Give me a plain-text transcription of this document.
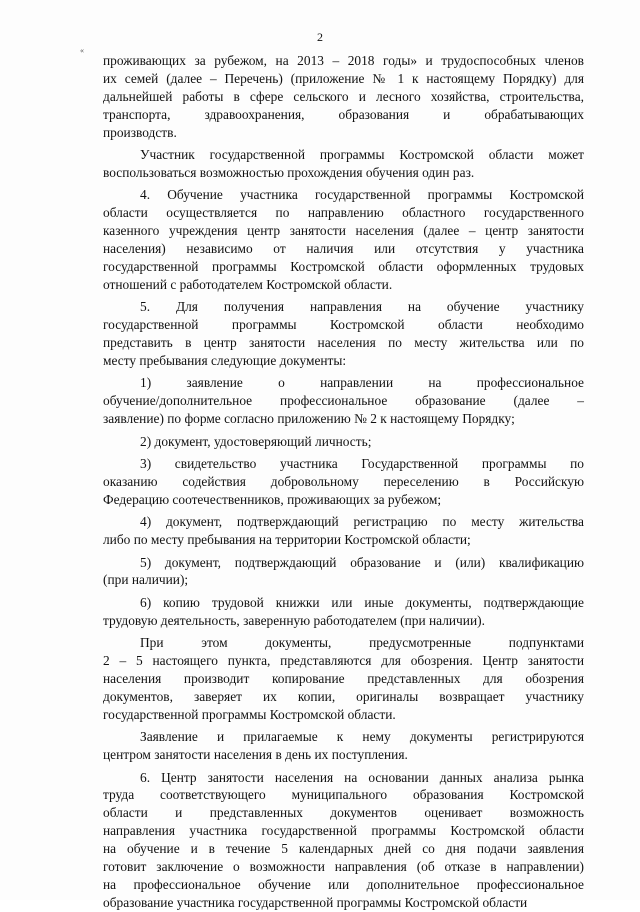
2
«

проживающих за рубежом, на 2013 – 2018 годы» и трудоспособных членов

их семей (далее – Перечень) (приложение № 1 к настоящему Порядку) для

дальнейшей работы в сфере сельского и лесного хозяйства, строительства,

транспорта, здравоохранения, образования и обрабатывающих

производств.

Участник государственной программы Костромской области может

воспользоваться возможностью прохождения обучения один раз.

4. Обучение участника государственной программы Костромской

области осуществляется по направлению областного государственного

казенного учреждения центр занятости населения (далее – центр занятости

населения) независимо от наличия или отсутствия у участника

государственной программы Костромской области оформленных трудовых

отношений с работодателем Костромской области.

5. Для получения направления на обучение участнику

государственной программы Костромской области необходимо

представить в центр занятости населения по месту жительства или по

месту пребывания следующие документы:

1) заявление о направлении на профессиональное

обучение/дополнительное профессиональное образование (далее –

заявление) по форме согласно приложению № 2 к настоящему Порядку;

2) документ, удостоверяющий личность;

3) свидетельство участника Государственной программы по

оказанию содействия добровольному переселению в Российскую

Федерацию соотечественников, проживающих за рубежом;

4) документ, подтверждающий регистрацию по месту жительства

либо по месту пребывания на территории Костромской области;

5) документ, подтверждающий образование и (или) квалификацию

(при наличии);

6) копию трудовой книжки или иные документы, подтверждающие

трудовую деятельность, заверенную работодателем (при наличии).

При этом документы, предусмотренные подпунктами

2 – 5 настоящего пункта, представляются для обозрения. Центр занятости

населения производит копирование представленных для обозрения

документов, заверяет их копии, оригиналы возвращает участнику

государственной программы Костромской области.

Заявление и прилагаемые к нему документы регистрируются

центром занятости населения в день их поступления.

6. Центр занятости населения на основании данных анализа рынка

труда соответствующего муниципального образования Костромской

области и представленных документов оценивает возможность

направления участника государственной программы Костромской области

на обучение и в течение 5 календарных дней со дня подачи заявления

готовит заключение о возможности направления (об отказе в направлении)

на профессиональное обучение или дополнительное профессиональное

образование участника государственной программы Костромской области
